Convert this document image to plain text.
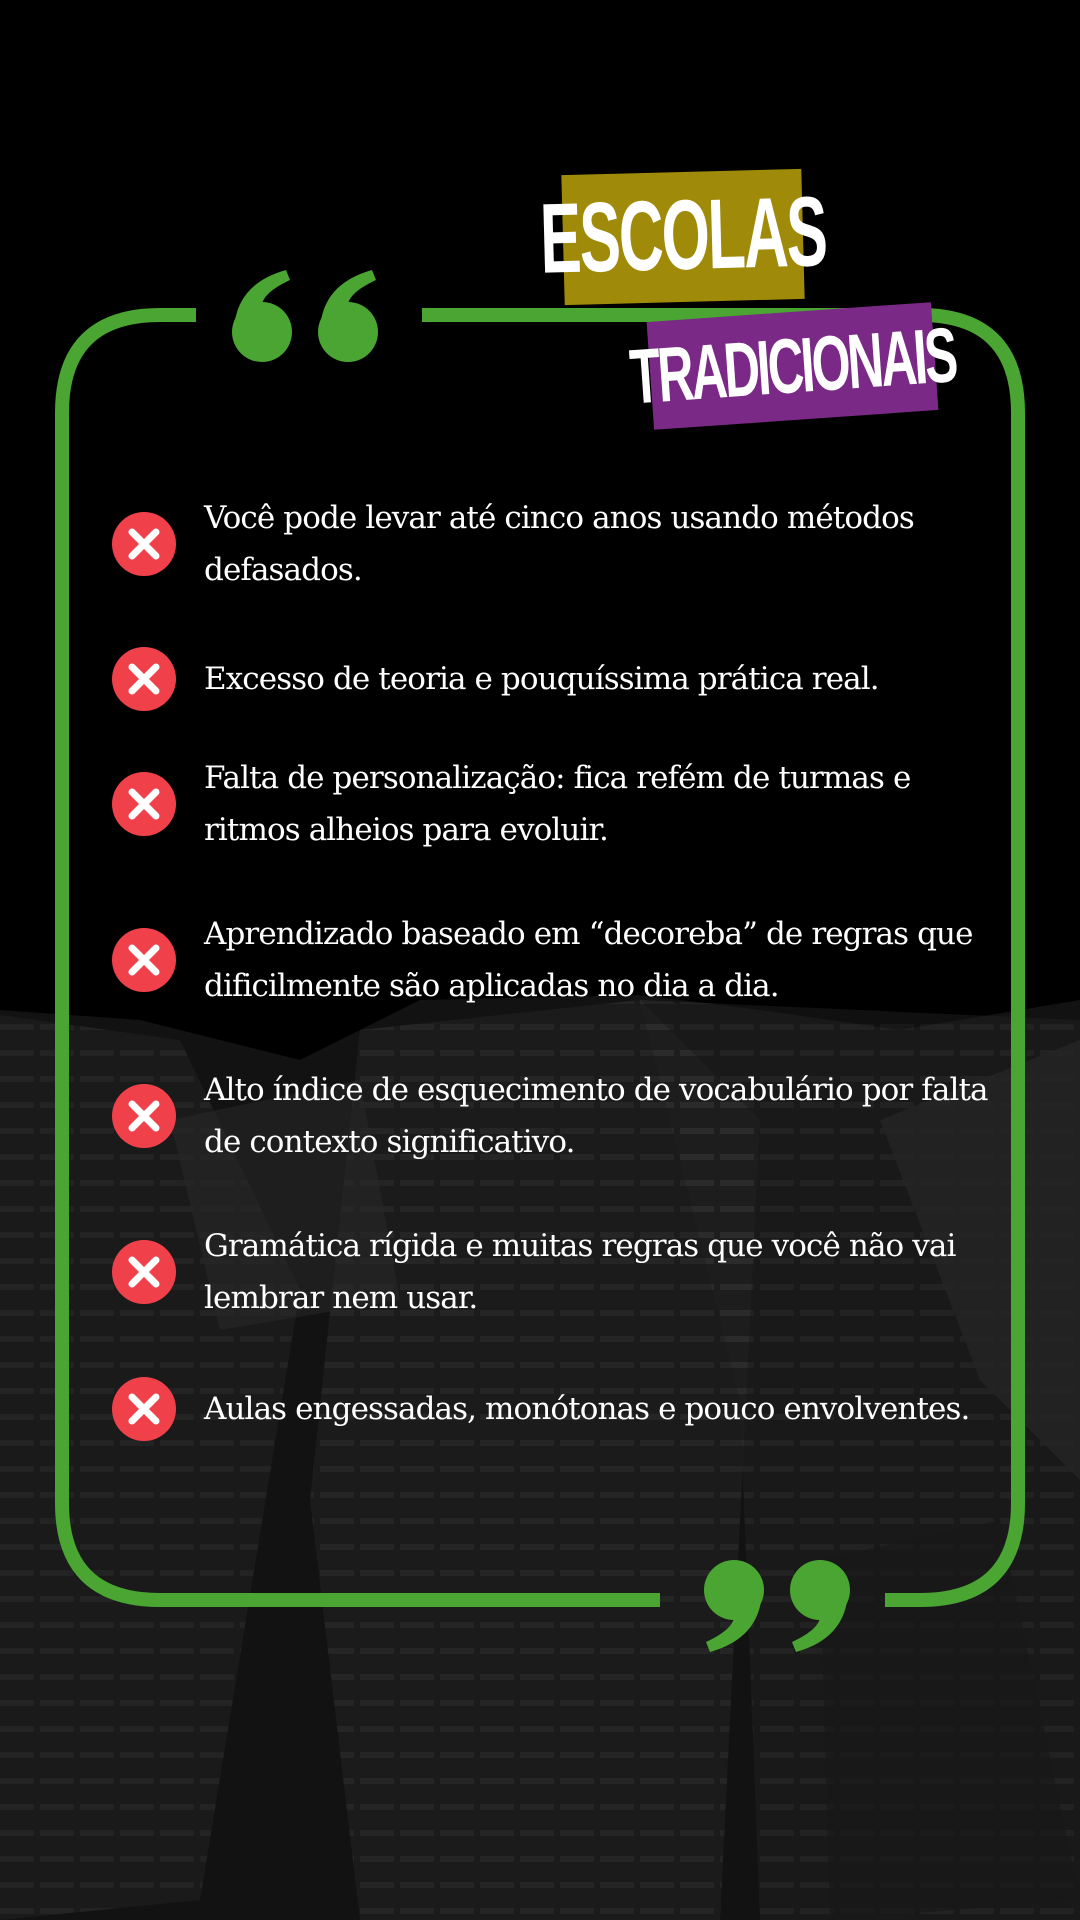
ESCOLAS
TRADICIONAIS
Você pode levar até cinco anos usando métodos defasados.
Excesso de teoria e pouquíssima prática real.
Falta de personalização: fica refém de turmas e ritmos alheios para evoluir.
Aprendizado baseado em “decoreba” de regras que dificilmente são aplicadas no dia a dia.
Alto índice de esquecimento de vocabulário por falta de contexto significativo.
Gramática rígida e muitas regras que você não vai lembrar nem usar.
Aulas engessadas, monótonas e pouco envolventes.
